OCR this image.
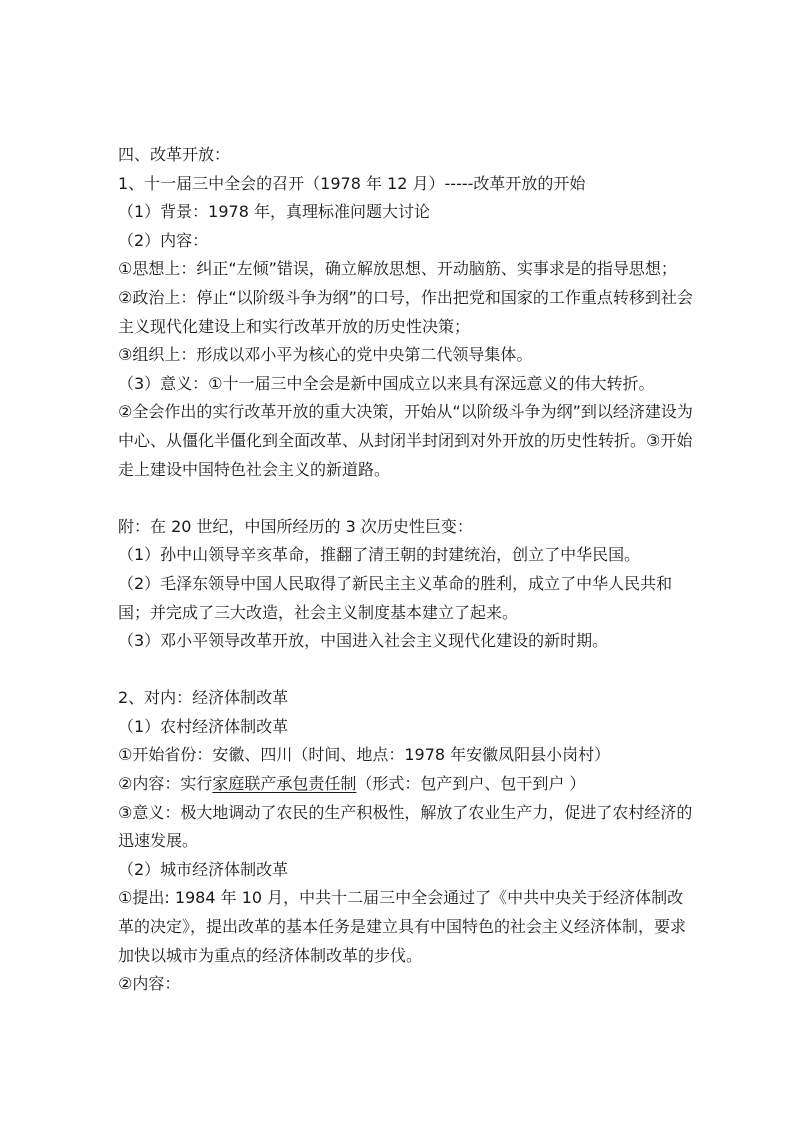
四、改革开放：

1、十一届三中全会的召开（1978 年 12 月）-----改革开放的开始

（1）背景：1978 年，真理标准问题大讨论

（2）内容：

①思想上：纠正“左倾”错误，确立解放思想、开动脑筋、实事求是的指导思想；

②政治上：停止“以阶级斗争为纲”的口号，作出把党和国家的工作重点转移到社会主义现代化建设上和实行改革开放的历史性决策；

③组织上：形成以邓小平为核心的党中央第二代领导集体。

（3）意义：①十一届三中全会是新中国成立以来具有深远意义的伟大转折。

②全会作出的实行改革开放的重大决策，开始从“以阶级斗争为纲”到以经济建设为中心、从僵化半僵化到全面改革、从封闭半封闭到对外开放的历史性转折。③开始走上建设中国特色社会主义的新道路。

附：在 20 世纪，中国所经历的 3 次历史性巨变：

（1）孙中山领导辛亥革命，推翻了清王朝的封建统治，创立了中华民国。

（2）毛泽东领导中国人民取得了新民主主义革命的胜利，成立了中华人民共和国；并完成了三大改造，社会主义制度基本建立了起来。

（3）邓小平领导改革开放，中国进入社会主义现代化建设的新时期。

2、对内：经济体制改革

（1）农村经济体制改革

①开始省份：安徽、四川（时间、地点：1978 年安徽凤阳县小岗村）

②内容：实行家庭联产承包责任制（形式：包产到户、包干到户 ）

③意义：极大地调动了农民的生产积极性，解放了农业生产力，促进了农村经济的迅速发展。

（2）城市经济体制改革

①提出: 1984 年 10 月，中共十二届三中全会通过了《中共中央关于经济体制改革的决定》，提出改革的基本任务是建立具有中国特色的社会主义经济体制，要求加快以城市为重点的经济体制改革的步伐。

②内容：
